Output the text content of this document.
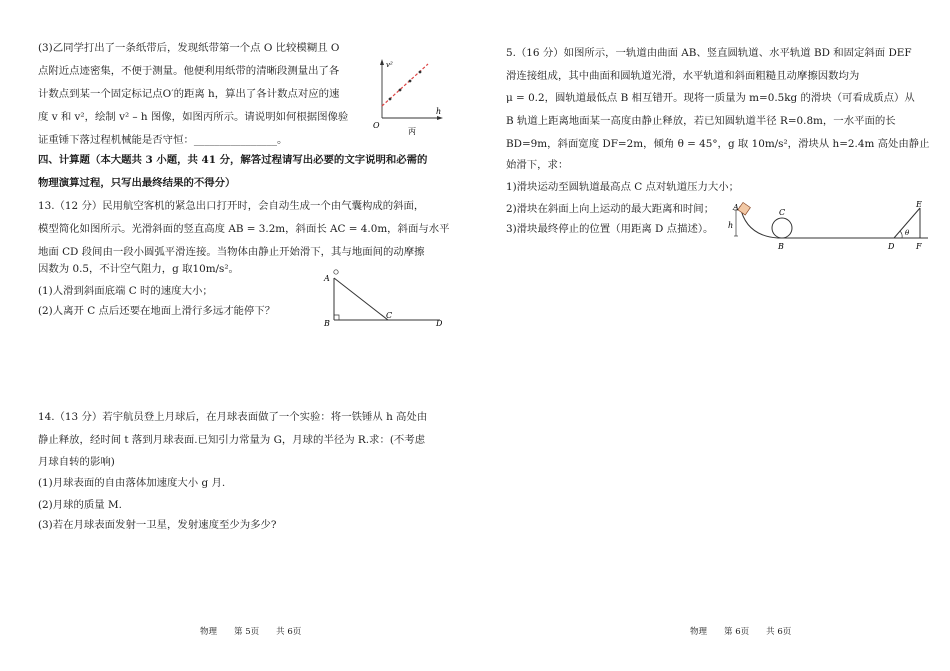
(3)乙同学打出了一条纸带后，发现纸带第一个点 O 比较模糊且 O
点附近点迹密集，不便于测量。他便利用纸带的清晰段测量出了各
计数点到某一个固定标记点O′的距离 h，算出了各计数点对应的速
度 v 和 v²，绘制 v² – h 图像，如图丙所示。请说明如何根据图像验
证重锤下落过程机械能是否守恒：________________。
v²
h
O
丙
四、计算题（本大题共 3 小题，共 41 分，解答过程请写出必要的文字说明和必需的
物理演算过程，只写出最终结果的不得分）
13.（12 分）民用航空客机的紧急出口打开时，会自动生成一个由气囊构成的斜面，
模型简化如图所示。光滑斜面的竖直高度 AB = 3.2m，斜面长 AC = 4.0m，斜面与水平
地面 CD 段间由一段小圆弧平滑连接。当物体由静止开始滑下，其与地面间的动摩擦
因数为 0.5，不计空气阻力，g 取10m/s²。
(1)人滑到斜面底端 C 时的速度大小；
(2)人离开 C 点后还要在地面上滑行多远才能停下？
A
B
C
D
14.（13 分）若宇航员登上月球后，在月球表面做了一个实验：将一铁锤从 h 高处由
静止释放，经时间 t 落到月球表面.已知引力常量为 G，月球的半径为 R.求：(不考虑
月球自转的影响)
(1)月球表面的自由落体加速度大小 g 月.
(2)月球的质量 M.
(3)若在月球表面发射一卫星，发射速度至少为多少?
物理　　第 5页　　共 6页
5.（16 分）如图所示，一轨道由曲面 AB、竖直圆轨道、水平轨道 BD 和固定斜面 DEF
滑连接组成，其中曲面和圆轨道光滑，水平轨道和斜面粗糙且动摩擦因数均为
μ = 0.2，圆轨道最低点 B 相互错开。现将一质量为 m=0.5kg 的滑块（可看成质点）从
B 轨道上距离地面某一高度由静止释放，若已知圆轨道半径 R=0.8m，一水平面的长
BD=9m，斜面宽度 DF=2m，倾角 θ = 45°，g 取 10m/s²，滑块从 h=2.4m 高处由静止
始滑下，求：
1)滑块运动至圆轨道最高点 C 点对轨道压力大小；
2)滑块在斜面上向上运动的最大距离和时间；
3)滑块最终停止的位置（用距离 D 点描述）。
A
h
B
C
D
E
F
θ
物理　　第 6页　　共 6页
